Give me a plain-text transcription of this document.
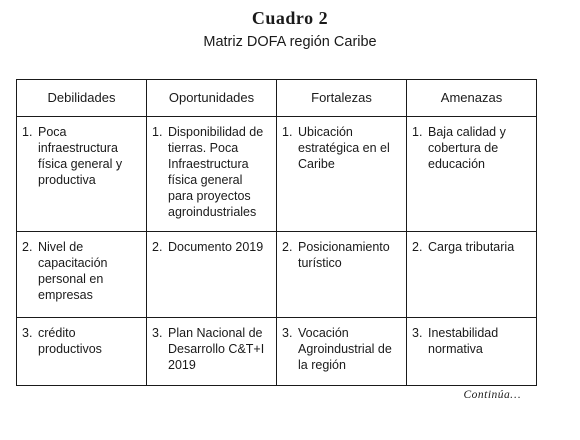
Cuadro 2
Matriz DOFA región Caribe
Debilidades	Oportunidades	Fortalezas	Amenazas

1. Poca infraestructura física general y productiva	1. Disponibilidad de tierras. Poca Infraestructura física general para proyectos agroindustriales	1. Ubicación estratégica en el Caribe	1. Baja calidad y cobertura de educación

2. Nivel de capacitación personal en empresas	2. Documento 2019	2. Posicionamiento turístico	2. Carga tributaria

3. crédito productivos	3. Plan Nacional de Desarrollo C&T+I 2019	3. Vocación Agroindustrial de la región	3. Inestabilidad normativa
Continúa…
